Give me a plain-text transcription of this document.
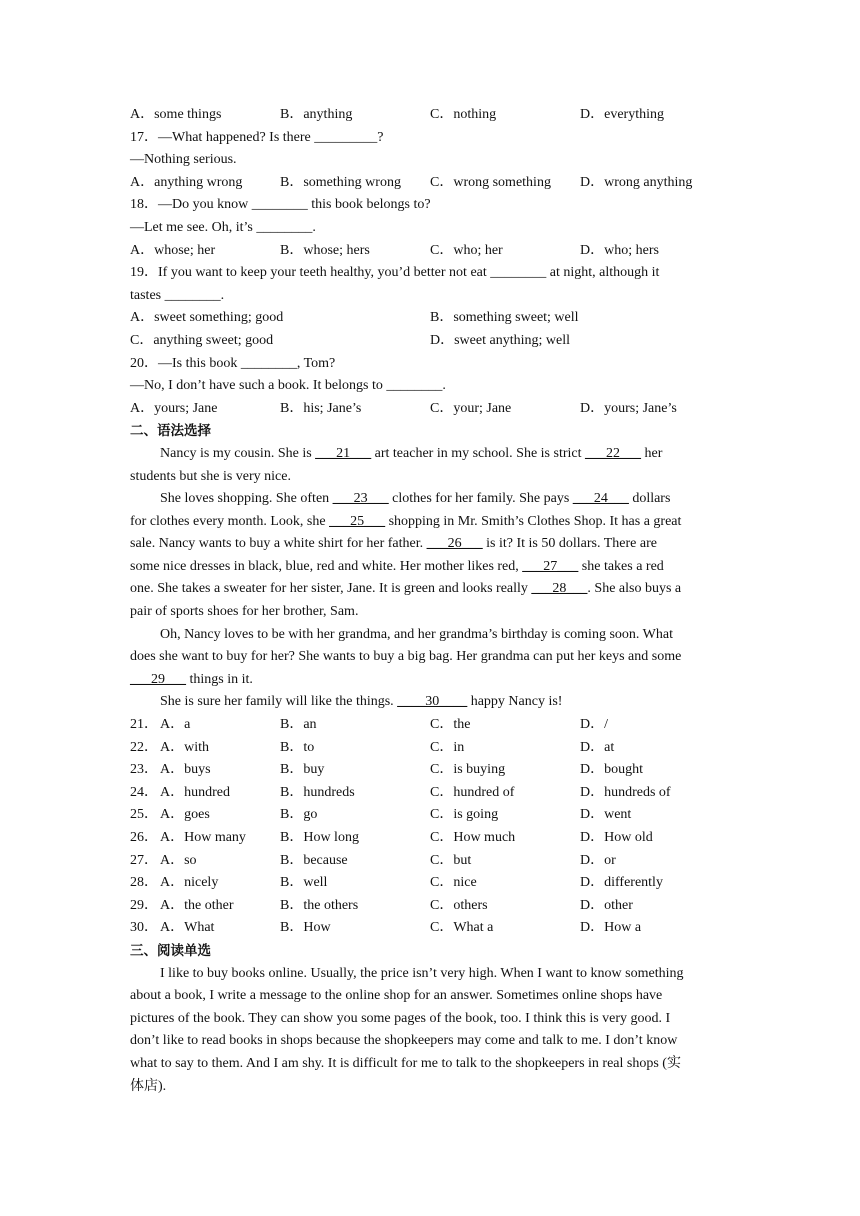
A．some things	B．anything	C．nothing	D．everything
17．—What happened? Is there _________?
—Nothing serious.
A．anything wrong	B．something wrong	C．wrong something	D．wrong anything
18．—Do you know ________ this book belongs to?
—Let me see. Oh, it’s ________.
A．whose; her	B．whose; hers	C．who; her	D．who; hers
19．If you want to keep your teeth healthy, you’d better not eat ________ at night, although it
tastes ________.
A．sweet something; good	B．something sweet; well
C．anything sweet; good	D．sweet anything; well
20．—Is this book ________, Tom?
—No, I don’t have such a book. It belongs to ________.
A．yours; Jane	B．his; Jane’s	C．your; Jane	D．yours; Jane’s
二、语法选择
Nancy is my cousin. She is ___21___ art teacher in my school. She is strict ___22___ her
students but she is very nice.
She loves shopping. She often ___23___ clothes for her family. She pays ___24___ dollars
for clothes every month. Look, she ___25___ shopping in Mr. Smith’s Clothes Shop. It has a great
sale. Nancy wants to buy a white shirt for her father. ___26___ is it? It is 50 dollars. There are
some nice dresses in black, blue, red and white. Her mother likes red, ___27___ she takes a red
one. She takes a sweater for her sister, Jane. It is green and looks really ___28___. She also buys a
pair of sports shoes for her brother, Sam.
Oh, Nancy loves to be with her grandma, and her grandma’s birthday is coming soon. What
does she want to buy for her? She wants to buy a big bag. Her grandma can put her keys and some
___29___ things in it.
She is sure her family will like the things. ____30____ happy Nancy is!
21． A．a	B．an	C．the	D．/
22． A．with	B．to	C．in	D．at
23． A．buys	B．buy	C．is buying	D．bought
24． A．hundred	B．hundreds	C．hundred of	D．hundreds of
25． A．goes	B．go	C．is going	D．went
26． A．How many	B．How long	C．How much	D．How old
27． A．so	B．because	C．but	D．or
28． A．nicely	B．well	C．nice	D．differently
29． A．the other	B．the others	C．others	D．other
30． A．What	B．How	C．What a	D．How a
三、阅读单选
I like to buy books online. Usually, the price isn’t very high. When I want to know something
about a book, I write a message to the online shop for an answer. Sometimes online shops have
pictures of the book. They can show you some pages of the book, too. I think this is very good. I
don’t like to read books in shops because the shopkeepers may come and talk to me. I don’t know
what to say to them. And I am shy. It is difficult for me to talk to the shopkeepers in real shops (实
体店).
